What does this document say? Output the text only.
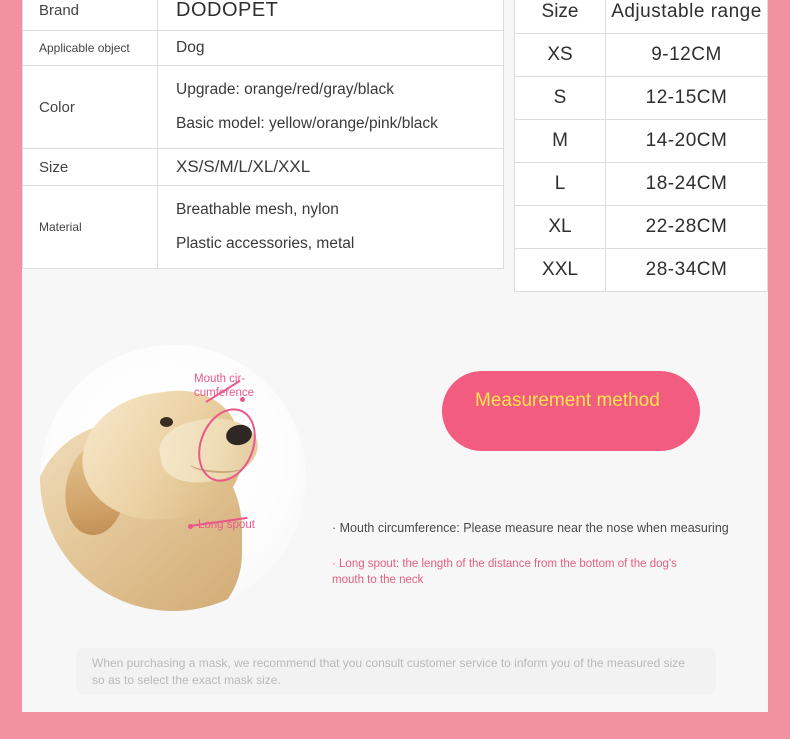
Brand	DODOPET
Applicable object	Dog
Color	Upgrade: orange/red/gray/black
Basic model: yellow/orange/pink/black

Size	XS/S/M/L/XL/XXL
Material	Breathable mesh, nylon
Plastic accessories, metal
Size	Adjustable range
XS	9-12CM
S	12-15CM
M	14-20CM
L	18-24CM
XL	22-28CM
XXL	28-34CM
Mouth cir-cumference
Long spout
Measurement method
· Mouth circumference: Please measure near the nose when measuring
· Long spout: the length of the distance from the bottom of the dog's mouth to the neck
When purchasing a mask, we recommend that you consult customer service to inform you of the measured size so as to select the exact mask size.
